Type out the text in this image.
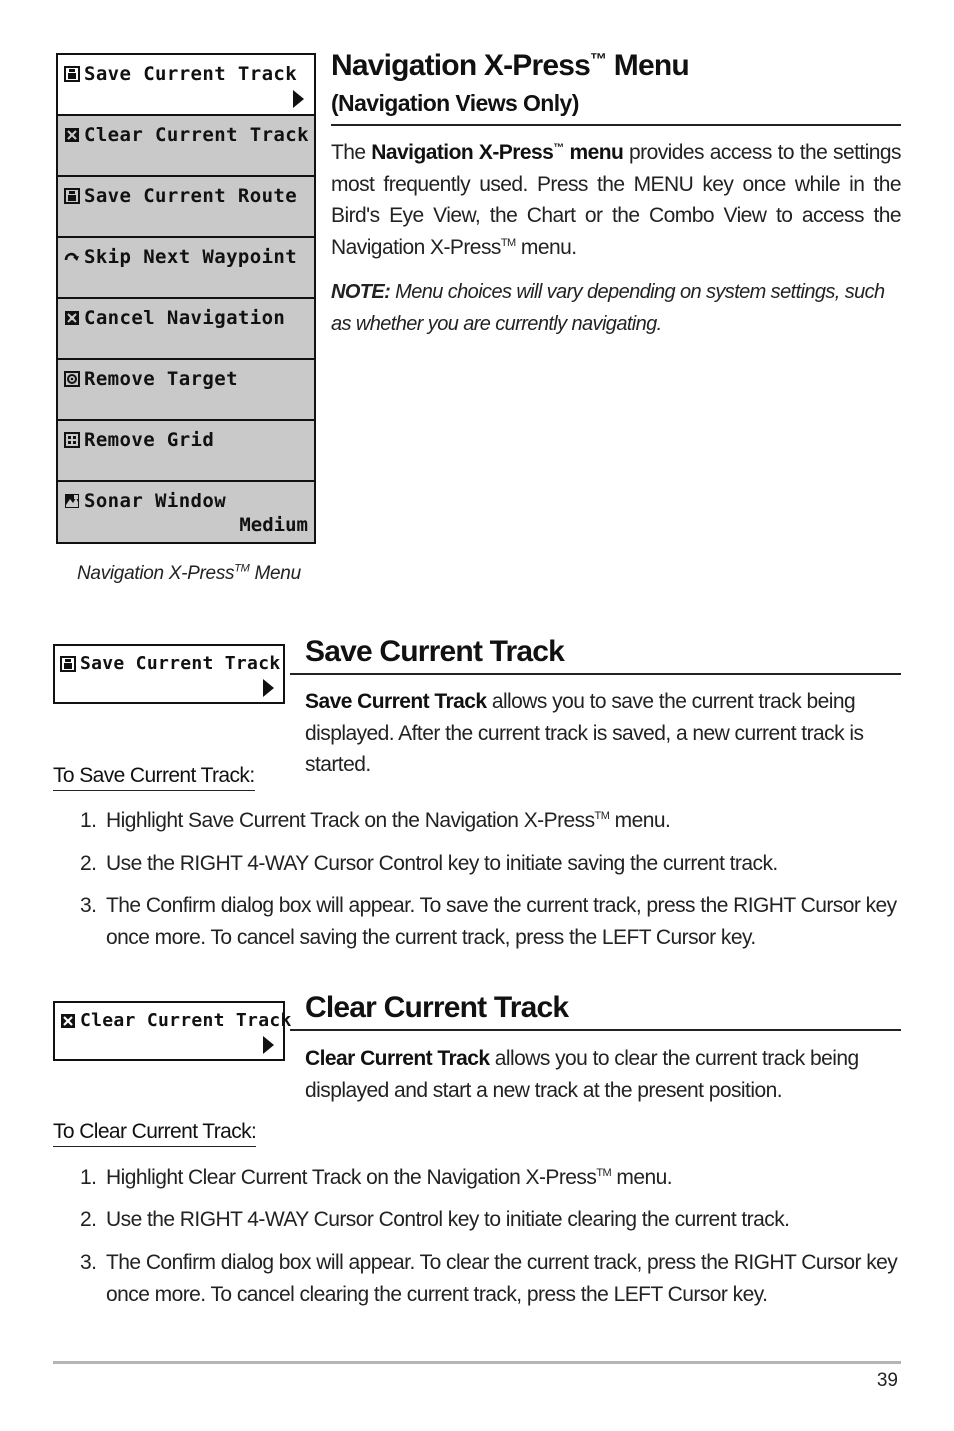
Save Current Track
Clear Current Track
Save Current Route
Skip Next Waypoint
Cancel Navigation
Remove Target
Remove Grid
Sonar Window
Medium
Navigation X-Press™ Menu
Navigation X-Press™ Menu
(Navigation Views Only)
The Navigation X-Press™ menu provides access to the settings most frequently used. Press the MENU key once while in the Bird's Eye View, the Chart or the Combo View to access the Navigation X-Press™ menu.
NOTE: Menu choices will vary depending on system settings, such as whether you are currently navigating.
Save Current Track Save Current Track
Save Current Track allows you to save the current track being displayed. After the current track is saved, a new current track is started.
To Save Current Track:
1. Highlight Save Current Track on the Navigation X-Press™ menu.
2. Use the RIGHT 4-WAY Cursor Control key to initiate saving the current track.
3. The Confirm dialog box will appear. To save the current track, press the RIGHT Cursor key once more. To cancel saving the current track, press the LEFT Cursor key.
Clear Current Track Clear Current Track
Clear Current Track allows you to clear the current track being displayed and start a new track at the present position.
To Clear Current Track:
1. Highlight Clear Current Track on the Navigation X-Press™ menu.
2. Use the RIGHT 4-WAY Cursor Control key to initiate clearing the current track.
3. The Confirm dialog box will appear. To clear the current track, press the RIGHT Cursor key once more. To cancel clearing the current track, press the LEFT Cursor key.
39
